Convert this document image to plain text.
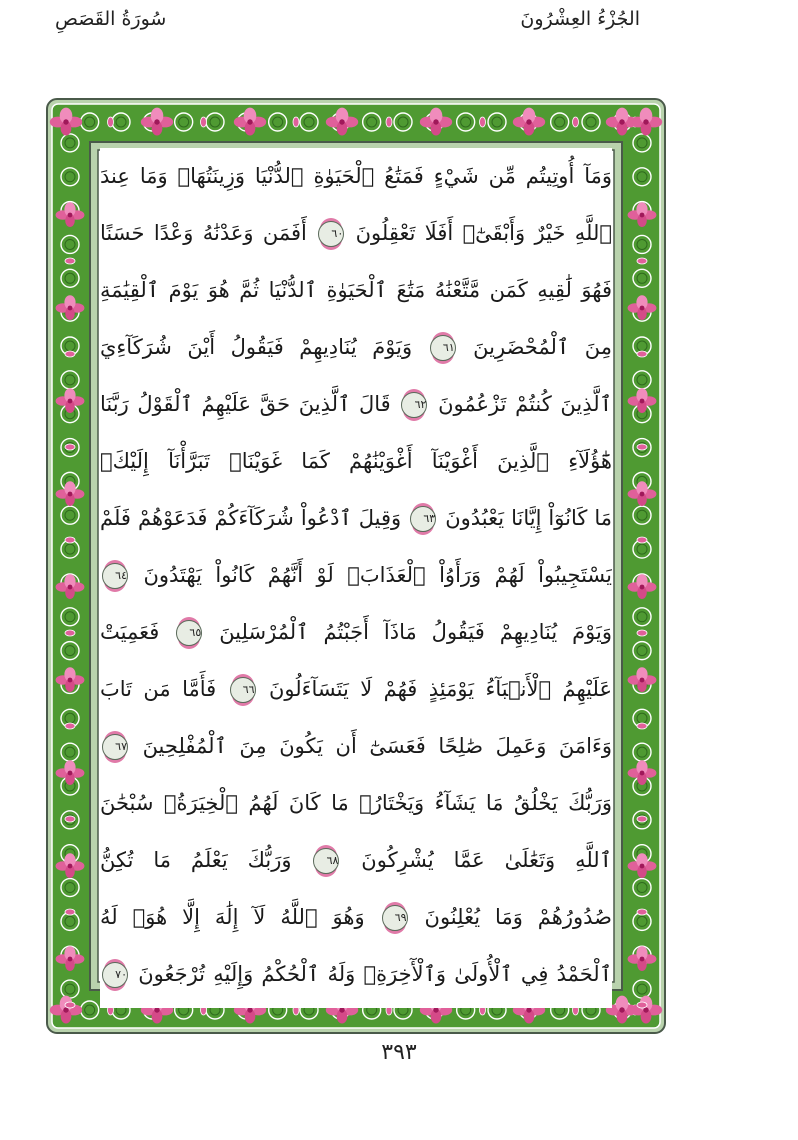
الجُزْءُ العِشْرُونَ
سُورَةُ القَصَصِ
وَمَآ أُوتِيتُم مِّن شَيْءٍ فَمَتَٰعُ ٱلْحَيَوٰةِ ٱلدُّنْيَا وَزِينَتُهَاۚ وَمَا عِندَ
ٱللَّهِ خَيْرٌ وَأَبْقَىٰٓۚ أَفَلَا تَعْقِلُونَ ٦٠ أَفَمَن وَعَدْنَٰهُ وَعْدًا حَسَنًا
فَهُوَ لَٰقِيهِ كَمَن مَّتَّعْنَٰهُ مَتَٰعَ ٱلْحَيَوٰةِ ٱلدُّنْيَا ثُمَّ هُوَ يَوْمَ ٱلْقِيَٰمَةِ
مِنَ ٱلْمُحْضَرِينَ ٦١ وَيَوْمَ يُنَادِيهِمْ فَيَقُولُ أَيْنَ شُرَكَآءِيَ
ٱلَّذِينَ كُنتُمْ تَزْعُمُونَ ٦٢ قَالَ ٱلَّذِينَ حَقَّ عَلَيْهِمُ ٱلْقَوْلُ رَبَّنَا
هَٰٓؤُلَآءِ ٱلَّذِينَ أَغْوَيْنَآ أَغْوَيْنَٰهُمْ كَمَا غَوَيْنَاۖ تَبَرَّأْنَآ إِلَيْكَۖ
مَا كَانُوٓاْ إِيَّانَا يَعْبُدُونَ ٦٣ وَقِيلَ ٱدْعُواْ شُرَكَآءَكُمْ فَدَعَوْهُمْ فَلَمْ
يَسْتَجِيبُواْ لَهُمْ وَرَأَوُاْ ٱلْعَذَابَۚ لَوْ أَنَّهُمْ كَانُواْ يَهْتَدُونَ ٦٤
وَيَوْمَ يُنَادِيهِمْ فَيَقُولُ مَاذَآ أَجَبْتُمُ ٱلْمُرْسَلِينَ ٦٥ فَعَمِيَتْ
عَلَيْهِمُ ٱلْأَنۢبَآءُ يَوْمَئِذٍ فَهُمْ لَا يَتَسَآءَلُونَ ٦٦ فَأَمَّا مَن تَابَ
وَءَامَنَ وَعَمِلَ صَٰلِحًا فَعَسَىٰٓ أَن يَكُونَ مِنَ ٱلْمُفْلِحِينَ ٦٧
وَرَبُّكَ يَخْلُقُ مَا يَشَآءُ وَيَخْتَارُۗ مَا كَانَ لَهُمُ ٱلْخِيَرَةُۚ سُبْحَٰنَ
ٱللَّهِ وَتَعَٰلَىٰ عَمَّا يُشْرِكُونَ ٦٨ وَرَبُّكَ يَعْلَمُ مَا تُكِنُّ
صُدُورُهُمْ وَمَا يُعْلِنُونَ ٦٩ وَهُوَ ٱللَّهُ لَآ إِلَٰهَ إِلَّا هُوَۖ لَهُ
ٱلْحَمْدُ فِي ٱلْأُولَىٰ وَٱلْأٓخِرَةِۖ وَلَهُ ٱلْحُكْمُ وَإِلَيْهِ تُرْجَعُونَ ٧٠
٣٩٣
